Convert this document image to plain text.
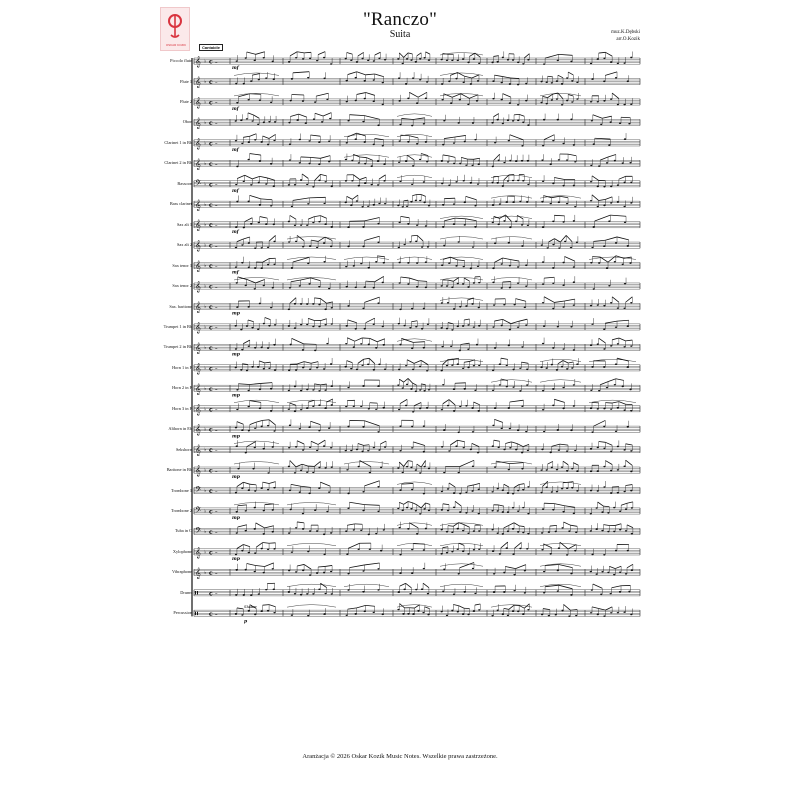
OSKAR KOZIK
"Ranczo"
Suita	muz.K.Dębski
arr.O.Kozik
Cantabile
Piccolo flute
Flute 1
Flute 2
Oboe
Clarinet 1 in Bb
Clarinet 2 in Bb
Bassoon
Bass clarinet
Sax alt 1
Sax alt 2
Sax tenor 1
Sax tenor 2
Sax. baritone
Trumpet 1 in Bb
Trumpet 2 in Bb
Horn 1 in F
Horn 2 in F
Horn 3 in F
Althorn in Eb
Sekshorn
Baritone in Bb
Trombone 1
Trombone 2
Tuba in C
Xylophone
Vibraphone
Drums
Percussion
𝄞 ♭ c –
mf
𝄞 ♭ c –
𝄞 ♭ c –
mf
𝄞 ♭ c –
𝄞 ♭ c –
mf
𝄞 ♭ c –
𝄢 ♭ c –
mf
𝄞 ♭ c –
𝄞 ♭ c –
mf
𝄞 ♭ c –
𝄞 ♭ c –
mf
𝄞 ♭ c –
𝄞 ♭ c –
mp
𝄞 ♭ c –
𝄞 ♭ c –
mp
𝄞 ♭ c –
𝄞 ♭ c –
mp
𝄞 ♭ c –
𝄞 ♭ c –
mp
𝄞 ♭ c –
𝄞 ♭ c –
mp
𝄢 ♭ c –
𝄢 ♭ c –
mp
𝄢 ♭ c –
𝄞 ♭ c –
mp
𝄞 ♭ c –
𝄥 c –
𝄥 c –
Shaker
p
Aranżacja © 2026 Oskar Kozik Music Notes. Wszelkie prawa zastrzeżone.
